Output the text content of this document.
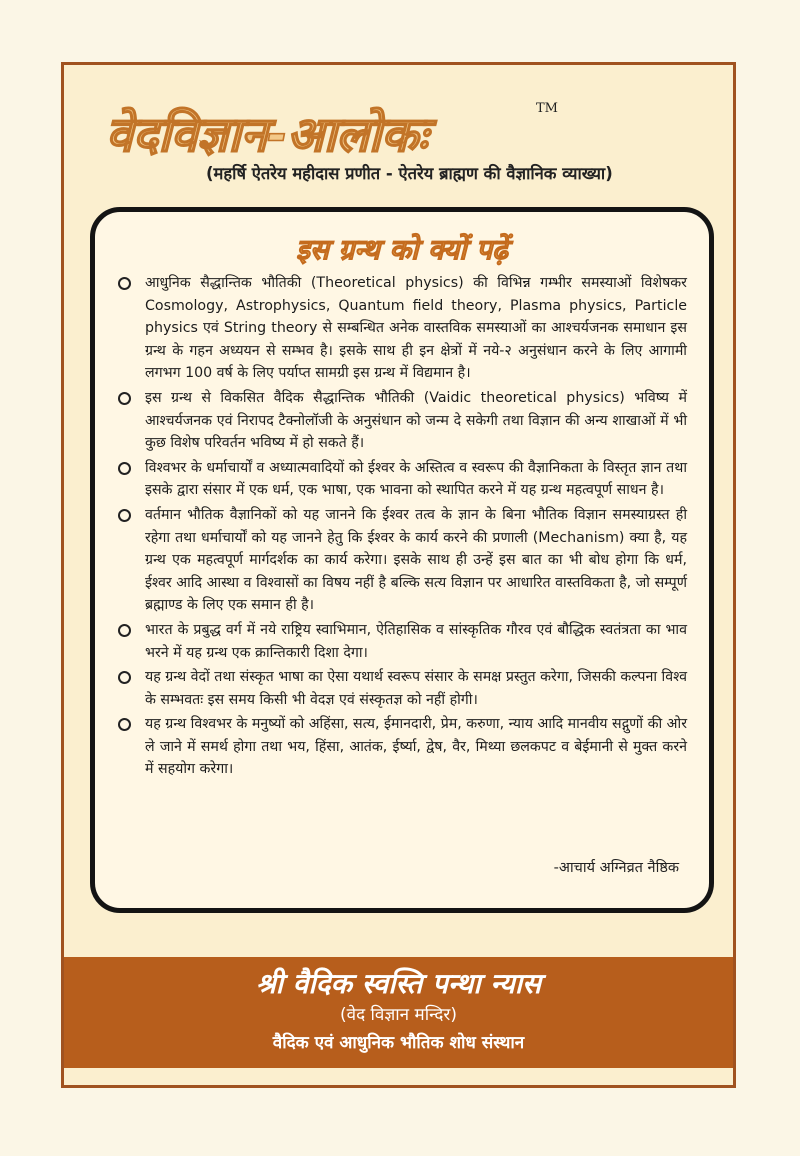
वेदविज्ञान-आलोकः	TM
(महर्षि ऐतरेय महीदास प्रणीत - ऐतरेय ब्राह्मण की वैज्ञानिक व्याख्या)
इस ग्रन्थ को क्यों पढ़ें
आधुनिक सैद्धान्तिक भौतिकी (Theoretical physics) की विभिन्न गम्भीर समस्याओं विशेषकर Cosmology, Astrophysics, Quantum field theory, Plasma physics, Particle physics एवं String theory से सम्बन्धित अनेक वास्तविक समस्याओं का आश्चर्यजनक समाधान इस ग्रन्थ के गहन अध्ययन से सम्भव है। इसके साथ ही इन क्षेत्रों में नये-२ अनुसंधान करने के लिए आगामी लगभग 100 वर्ष के लिए पर्याप्त सामग्री इस ग्रन्थ में विद्यमान है।
इस ग्रन्थ से विकसित वैदिक सैद्धान्तिक भौतिकी (Vaidic theoretical physics) भविष्य में आश्चर्यजनक एवं निरापद टैक्नोलॉजी के अनुसंधान को जन्म दे सकेगी तथा विज्ञान की अन्य शाखाओं में भी कुछ विशेष परिवर्तन भविष्य में हो सकते हैं।
विश्वभर के धर्माचार्यों व अध्यात्मवादियों को ईश्वर के अस्तित्व व स्वरूप की वैज्ञानिकता के विस्तृत ज्ञान तथा इसके द्वारा संसार में एक धर्म, एक भाषा, एक भावना को स्थापित करने में यह ग्रन्थ महत्वपूर्ण साधन है।
वर्तमान भौतिक वैज्ञानिकों को यह जानने कि ईश्वर तत्व के ज्ञान के बिना भौतिक विज्ञान समस्याग्रस्त ही रहेगा तथा धर्माचार्यों को यह जानने हेतु कि ईश्वर के कार्य करने की प्रणाली (Mechanism) क्या है, यह ग्रन्थ एक महत्वपूर्ण मार्गदर्शक का कार्य करेगा। इसके साथ ही उन्हें इस बात का भी बोध होगा कि धर्म, ईश्वर आदि आस्था व विश्वासों का विषय नहीं है बल्कि सत्य विज्ञान पर आधारित वास्तविकता है, जो सम्पूर्ण ब्रह्माण्ड के लिए एक समान ही है।
भारत के प्रबुद्ध वर्ग में नये राष्ट्रिय स्वाभिमान, ऐतिहासिक व सांस्कृतिक गौरव एवं बौद्धिक स्वतंत्रता का भाव भरने में यह ग्रन्थ एक क्रान्तिकारी दिशा देगा।
यह ग्रन्थ वेदों तथा संस्कृत भाषा का ऐसा यथार्थ स्वरूप संसार के समक्ष प्रस्तुत करेगा, जिसकी कल्पना विश्व के सम्भवतः इस समय किसी भी वेदज्ञ एवं संस्कृतज्ञ को नहीं होगी।
यह ग्रन्थ विश्वभर के मनुष्यों को अहिंसा, सत्य, ईमानदारी, प्रेम, करुणा, न्याय आदि मानवीय सद्गुणों की ओर ले जाने में समर्थ होगा तथा भय, हिंसा, आतंक, ईर्ष्या, द्वेष, वैर, मिथ्या छलकपट व बेईमानी से मुक्त करने में सहयोग करेगा।
-आचार्य अग्निव्रत नैष्ठिक
श्री वैदिक स्वस्ति पन्था न्यास
(वेद विज्ञान मन्दिर)
वैदिक एवं आधुनिक भौतिक शोध संस्थान
